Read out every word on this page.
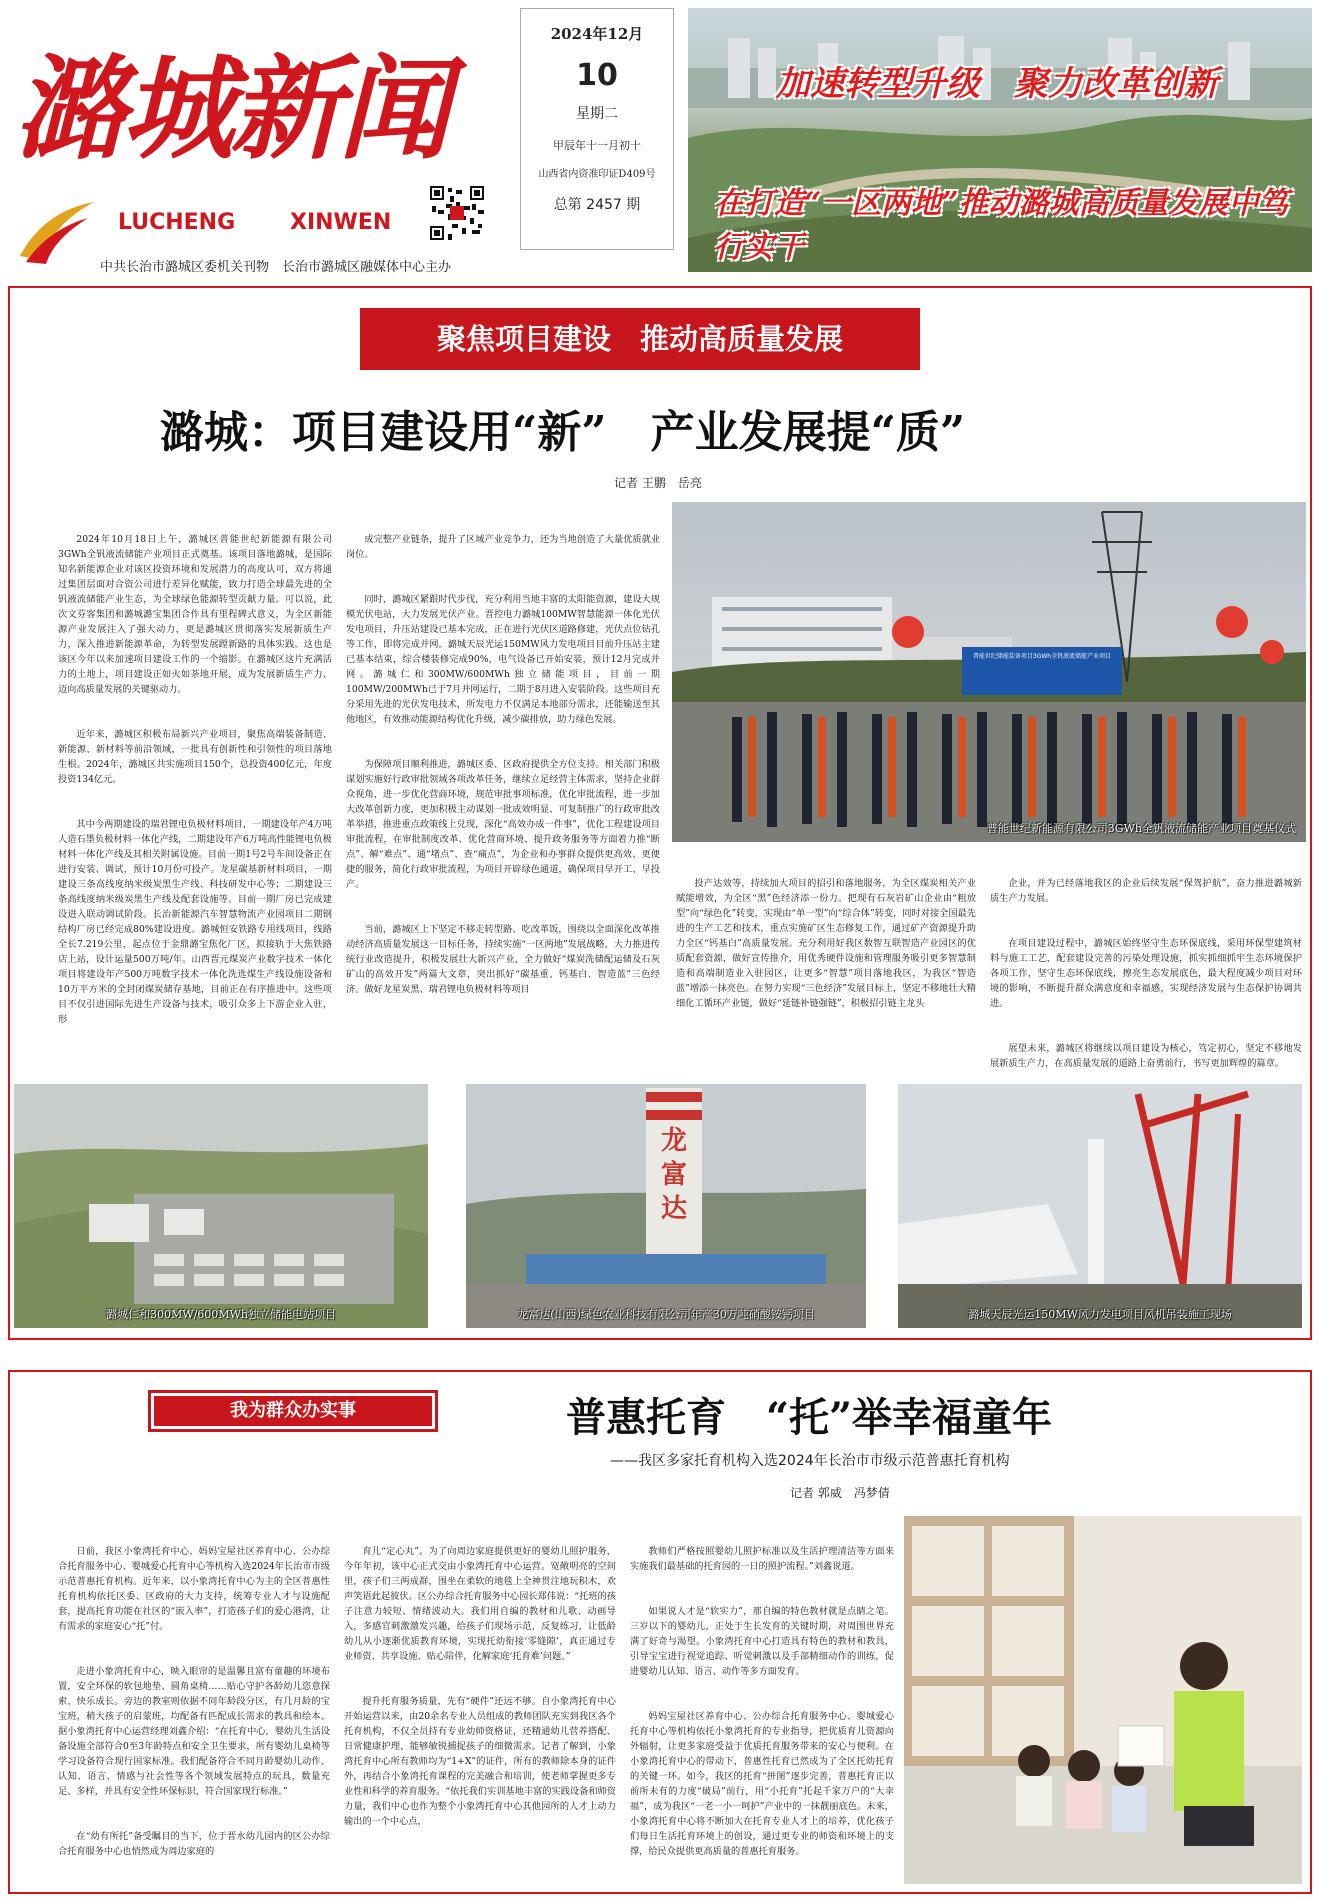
潞城新闻
LUCHENG XINWEN
中共长治市潞城区委机关刊物　长治市潞城区融媒体中心主办
2024年12月
10
星期二
甲辰年十一月初十
山西省内资准印证D409号
总第 2457 期
加速转型升级　聚力改革创新
在打造“一区两地”推动潞城高质量发展中笃行实干
聚焦项目建设　推动高质量发展
潞城：项目建设用“新”　产业发展提“质”
记者 王鹏　岳亮

2024年10月18日上午，潞城区普能世纪新能源有限公司3GWh全钒液流储能产业项目正式奠基。该项目落地潞城，是国际知名新能源企业对该区投资环境和发展潜力的高度认可，双方将通过集团层面对合资公司进行差异化赋能，致力打造全球最先进的全钒液流储能产业生态，为全球绿色能源转型贡献力量。可以说，此次文芬客集团和潞城潞宝集团合作具有里程碑式意义，为全区新能源产业发展注入了强大动力，更是潞城区贯彻落实发展新质生产力，深入推进新能源革命，为转型发展蹚新路的具体实践。这也是该区今年以来加速项目建设工作的一个缩影。在潞城区这片充满活力的土地上，项目建设正如火如荼地开展，成为发展新质生产力、迈向高质量发展的关键驱动力。

近年来，潞城区积极布局新兴产业项目，聚焦高端装备制造、新能源、新材料等前沿领域，一批具有创新性和引领性的项目落地生根。2024年，潞城区共实施项目150个，总投资400亿元，年度投资134亿元。

其中今两期建设的瑞君锂电负极材料项目，一期建设年产4万吨人造石墨负极材料一体化产线，二期建设年产6万吨高性能锂电负极材料一体化产线及其相关附属设施。目前一期1号2号车间设备正在进行安装、调试，预计10月份可投产。龙星碳基新材料项目，一期建设三条高线度纳米级炭黑生产线、科技研发中心等；二期建设三条高线度纳米级炭黑生产线及配套设施等。目前一期厂房已完成建设进入联动调试阶段。长治新能源汽车智慧物流产业园项目二期钢结构厂房已经完成80%建设进度。潞城恒安铁路专用线项目，线路全长7.219公里，起点位于金鼎潞宝焦化厂区，拟接轨于大焦铁路店上站，设计运量500万吨/年。山西晋元煤炭产业数字技术一体化项目将建设年产500万吨数字技术一体化洗选煤生产线设施设备和10万平方米的全封闭煤炭储存基地，目前正在有序推进中。这些项目不仅引进国际先进生产设备与技术，吸引众多上下游企业入驻，形

成完整产业链条，提升了区域产业竞争力，还为当地创造了大量优质就业岗位。

同时，潞城区紧跟时代步伐，充分利用当地丰富的太阳能资源，建设大规模光伏电站，大力发展光伏产业。晋控电力潞城100MW智慧能源一体化光伏发电项目，升压站建设已基本完成，正在进行光伏区道路修建，光伏点位钻孔等工作，即将完成并网。潞城天辰光运150MW风力发电项目目前升压站主建已基本结束，综合楼装修完成90%，电气设备已开始安装，预计12月完成并网。潞城仁和300MW/600MWh独立储能项目，目前一期100MW/200MWh已于7月并网运行，二期于8月进入安装阶段。这些项目充分采用先进的光伏发电技术，所发电力不仅满足本地部分需求，还能输送至其他地区，有效推动能源结构优化升级，减少碳排放，助力绿色发展。

为保障项目顺利推进，潞城区委、区政府提供全方位支持。相关部门积极谋划实施好行政审批领域各项改革任务，继续立足经营主体需求，坚持企业群众视角，进一步优化营商环境，规范审批事项标准，优化审批流程，进一步加大改革创新力度，更加积极主动谋划一批成效明显、可复制推广的行政审批改革举措，推进重点政策线上兑现，深化“高效办成一件事”，优化工程建设项目审批流程，在审批制度改革、优化营商环境、提升政务服务等方面着力推“断点”、解“难点”、通“堵点”、查“痛点”，为企业和办事群众提供更高效、更便捷的服务，简化行政审批流程，为项目开辟绿色通道，确保项目早开工、早投产。

当前，潞城区上下坚定不移走转型路、吃改革饭，围绕以全面深化改革推动经济高质量发展这一目标任务，持续实施“一区两地”发展战略，大力推进传统行业改造提升，积极发展壮大新兴产业，全力做好“煤炭洗储配运储及石灰矿山的高效开发”两篇大文章，突出抓好“碳基重、钙基白、智造蓝”三色经济。做好龙星炭黑、瑞君锂电负极材料等项目

普能世纪储能装备项目3GWh全钒液流储能产业项目
普能世纪新能源有限公司3GWh全钒液流储能产业项目奠基仪式

投产达效等，持续加大项目的招引和落地服务，为全区煤炭相关产业赋能增效，为全区“黑”色经济添一份力。把现有石灰岩矿山企业由“粗放型”向“绿色化”转变，实现由“单一型”向“综合体”转变，同时对接全国最先进的生产工艺和技术，重点实施矿区生态修复工作，通过矿产资源提升助力全区“钙基白”高质量发展。充分利用好我区数智互联智造产业园区的优质配套资源，做好宣传推介，用优秀硬件设施和管理服务吸引更多智慧制造和高端制造业入驻园区，让更多“智慧”项目落地我区，为我区“智造蓝”增添一抹亮色。在努力实现“三色经济”发展目标上，坚定不移地壮大精细化工循环产业链，做好“延链补链强链”，积极招引链主龙头

企业，并为已经落地我区的企业后续发展“保驾护航”，奋力推进潞城新质生产力发展。

在项目建设过程中，潞城区始终坚守生态环保底线，采用环保型建筑材料与施工工艺，配套建设完善的污染处理设施，抓实抓细抓牢生态环境保护各项工作，坚守生态环保底线，擦亮生态发展底色，最大程度减少项目对环境的影响，不断提升群众满意度和幸福感，实现经济发展与生态保护协调共进。

展望未来，潞城区将继续以项目建设为核心，笃定初心，坚定不移地发展新质生产力，在高质量发展的道路上奋勇前行，书写更加辉煌的篇章。

潞城仁和300MW/600MWh独立储能电站项目
龙富达
龙富达(山西)绿色农业科技有限公司年产30万吨硝酸铵钙项目	潞城天辰光运150MW风力发电项目风机吊装施工现场
我为群众办实事	普惠托育　“托”举幸福童年
——我区多家托育机构入选2024年长治市市级示范普惠托育机构
记者 郭威　冯梦倩

日前，我区小象湾托育中心、妈妈宝屋社区养育中心、公办综合托育服务中心、婴城爱心托育中心等机构入选2024年长治市市级示范普惠托育机构。近年来，以小象湾托育中心为主的全区普惠性托育机构依托区委、区政府的大力支持，统筹专业人才与设施配套，提高托育功能在社区的“嵌入率”，打造孩子们的爱心港湾，让有需求的家庭安心“托”付。

走进小象湾托育中心，映入眼帘的是温馨且富有童趣的环境布置，安全环保的软包地垫、圆角桌椅……贴心守护各龄幼儿恣意探索、快乐成长。旁边的教室则依据不同年龄段分区，有几月龄的宝宝班，稍大孩子的启蒙班，均配备有匹配成长需求的教具和绘本。据小象湾托育中心运营经理刘鑫介绍：“在托育中心，婴幼儿生活设备设施全部符合0至3年龄特点和安全卫生要求，所有婴幼儿桌椅等学习设备符合现行国家标准。我们配备符合不同月龄婴幼儿动作、认知、语言、情感与社会性等各个领域发展特点的玩具，数量充足、多样，并具有安全性环保标识，符合国家现行标准。”

在“幼有所托”备受瞩目的当下，位于晋水幼儿园内的区公办综合托育服务中心也悄然成为周边家庭的

育儿“定心丸”。为了向周边家庭提供更好的婴幼儿照护服务，今年年初，该中心正式交由小象湾托育中心运营。宽敞明亮的空间里，孩子们三两成群，围坐在柔软的地毯上全神贯注地玩积木，欢声笑语此起彼伏。区公办综合托育服务中心园长郑伟说：“托班的孩子注意力较短、情绪波动大。我们用自编的教材和儿歌、动画导入，多感官刺激激发兴趣，给孩子们现场示范，反复练习，让低龄幼儿从小逐渐优质教育环境，实现托幼衔接‘零缝隙’，真正通过专业师资、共享设施、贴心陪伴，化解家庭‘托育难’问题。”

提升托育服务质量，先有“硬件”还远不够。自小象湾托育中心开始运营以来，由20余名专业人员组成的教师团队充实到我区各个托育机构，不仅全员持有专业幼师资格证，还精通幼儿营养搭配、日常健康护理，能够敏锐捕捉孩子的细微需求。记者了解到，小象湾托育中心所有教师均为“1+X”的证件，所有的教师除本身的证件外，再结合小象湾托育课程的完美融合和培训，使老师掌握更多专业性和科学的养育服务。“依托我们实训基地丰富的实践设备和师资力量，我们中心也作为整个小象湾托育中心其他园所的人才上动力输出的一个中心点，

教师们严格按照婴幼儿照护标准以及生活护理清洁等方面来实施我们最基础的托育园的一日的照护流程。”刘鑫说道。

如果说人才是“软实力”，那自编的特色教材就是点睛之笔。三岁以下的婴幼儿，正处于生长发育的关键时期，对周围世界充满了好奇与渴望。小象湾托育中心打造具有特色的教材和教具，引导宝宝进行视觉追踪、听觉刺激以及手部精细动作的训练，促进婴幼儿认知、语言、动作等多方面发育。

妈妈宝屋社区养育中心、公办综合托育服务中心、婴城爱心托育中心等机构依托小象湾托育的专业指导，把优质育儿资源向外辐射，让更多家庭受益于优质托育服务带来的安心与便利。在小象湾托育中心的带动下，普惠性托育已然成为了全区托幼托育的关键一环。如今，我区的托育“拼图”逐步完善，普惠托育正以前所未有的力度“破局”前行，用“小托育”托起千家万户的“大幸福”，成为我区“一老一小一呵护”产业中的一抹靓丽底色。未来，小象湾托育中心将不断加大在托育专业人才上的培养，优化孩子们每日生活托育环境上的创设，通过更专业的师资和环境上的支撑，给民众提供更高质量的普惠托育服务。
